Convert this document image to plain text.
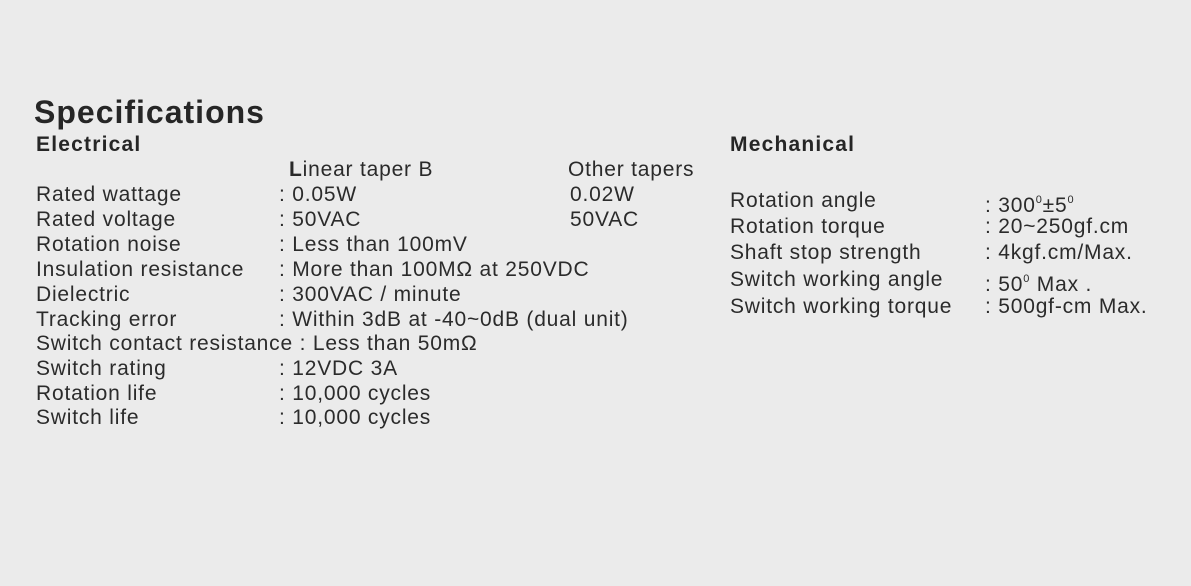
Specifications
Electrical
Linear taper B	Other tapers
Rated wattage	: 0.05W	0.02W
Rated voltage	: 50VAC	50VAC
Rotation noise	: Less than 100mV
Insulation resistance : More than 100MΩ at 250VDC
Dielectric	: 300VAC / minute
Tracking error	: Within 3dB at -40~0dB (dual unit)
Switch contact resistance : Less than 50mΩ
Switch rating	: 12VDC 3A
Rotation life	: 10,000 cycles
Switch life	: 10,000 cycles
Mechanical
Rotation angle	: $300^0\pm 5^0$
Rotation torque	: 20~250gf.cm
Shaft stop strength	: 4kgf.cm/Max.
Switch working angle : $50^0$ Max .
Switch working torque : 500gf-cm Max.
